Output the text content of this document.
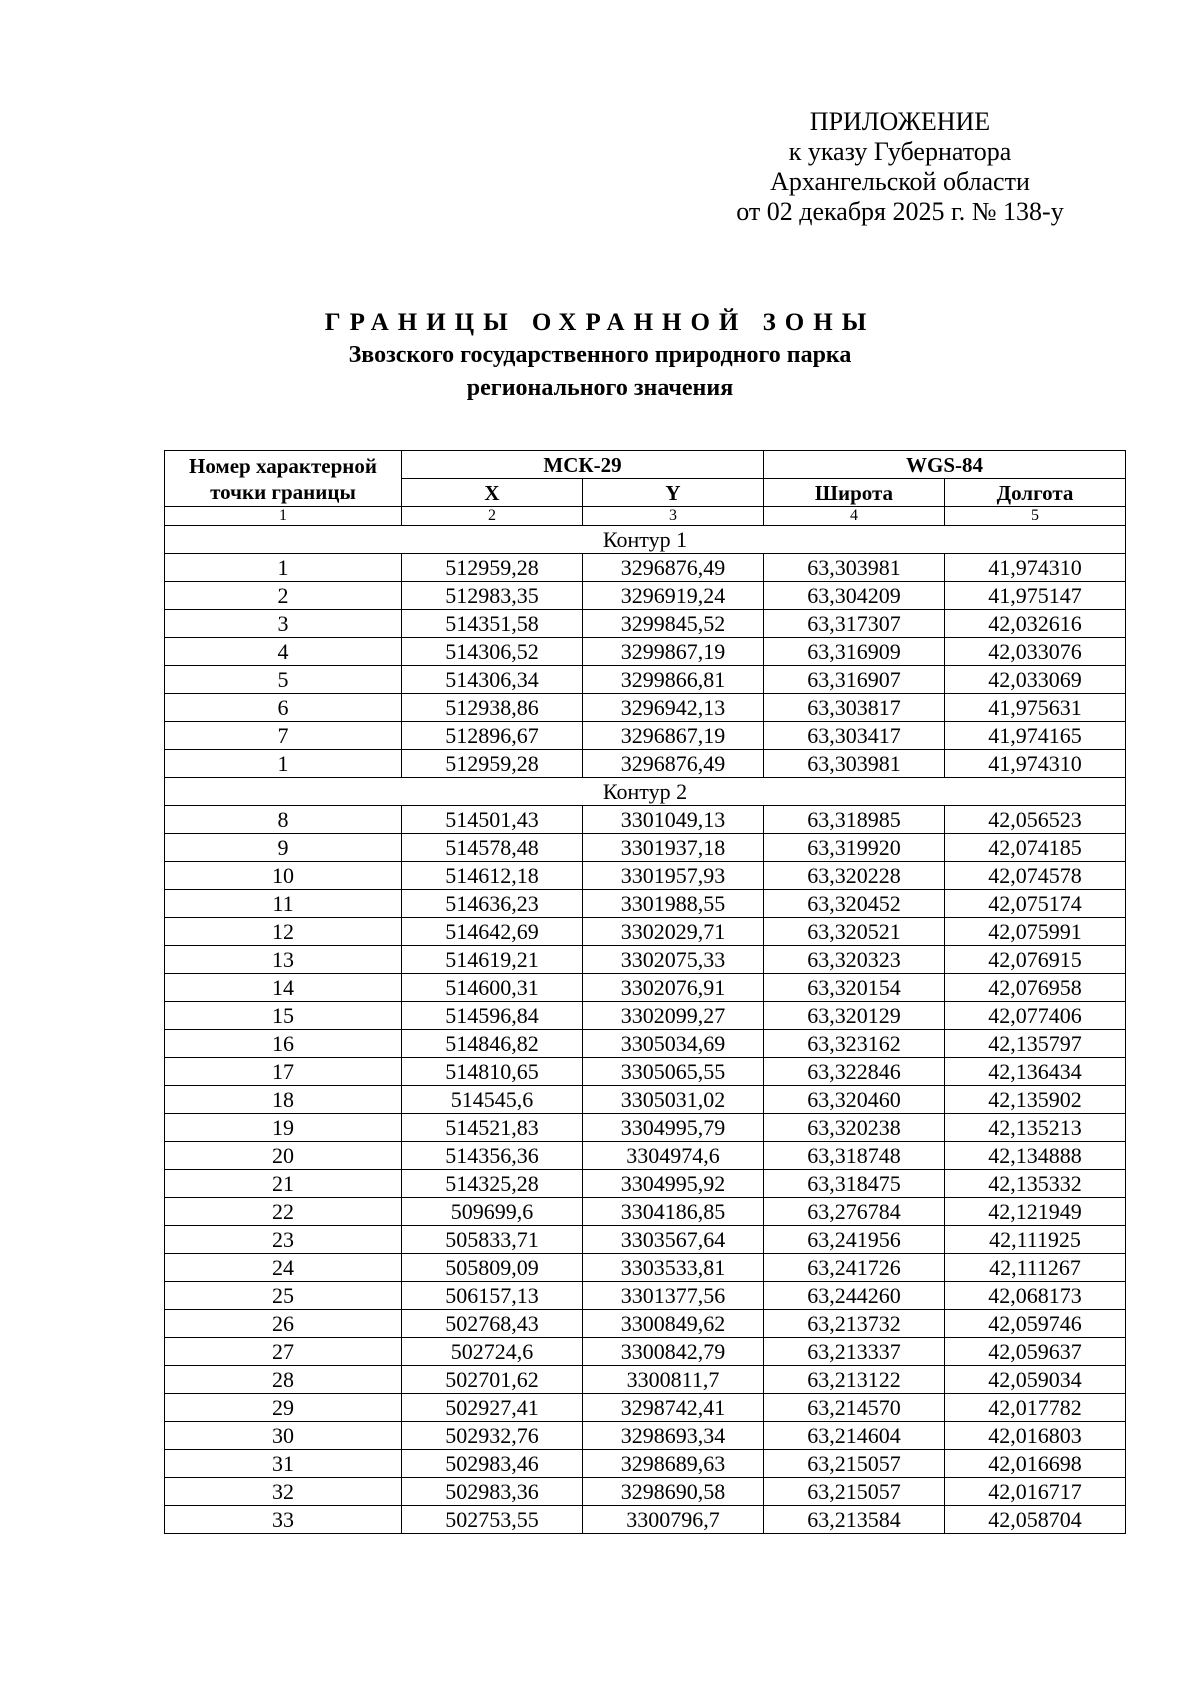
ПРИЛОЖЕНИЕ
к указу Губернатора
Архангельской области
от 02 декабря 2025 г. № 138-у
ГРАНИЦЫ ОХРАННОЙ ЗОНЫ
Звозского государственного природного парка
регионального значения
Номер характерной точки границы	МСК-29		WGS-84	
	X	Y	Широта	Долгота
1	2	3	4	5
Контур 1				
1	512959,28	3296876,49	63,303981	41,974310
2	512983,35	3296919,24	63,304209	41,975147
3	514351,58	3299845,52	63,317307	42,032616
4	514306,52	3299867,19	63,316909	42,033076
5	514306,34	3299866,81	63,316907	42,033069
6	512938,86	3296942,13	63,303817	41,975631
7	512896,67	3296867,19	63,303417	41,974165
1	512959,28	3296876,49	63,303981	41,974310
Контур 2				
8	514501,43	3301049,13	63,318985	42,056523
9	514578,48	3301937,18	63,319920	42,074185
10	514612,18	3301957,93	63,320228	42,074578
11	514636,23	3301988,55	63,320452	42,075174
12	514642,69	3302029,71	63,320521	42,075991
13	514619,21	3302075,33	63,320323	42,076915
14	514600,31	3302076,91	63,320154	42,076958
15	514596,84	3302099,27	63,320129	42,077406
16	514846,82	3305034,69	63,323162	42,135797
17	514810,65	3305065,55	63,322846	42,136434
18	514545,6	3305031,02	63,320460	42,135902
19	514521,83	3304995,79	63,320238	42,135213
20	514356,36	3304974,6	63,318748	42,134888
21	514325,28	3304995,92	63,318475	42,135332
22	509699,6	3304186,85	63,276784	42,121949
23	505833,71	3303567,64	63,241956	42,111925
24	505809,09	3303533,81	63,241726	42,111267
25	506157,13	3301377,56	63,244260	42,068173
26	502768,43	3300849,62	63,213732	42,059746
27	502724,6	3300842,79	63,213337	42,059637
28	502701,62	3300811,7	63,213122	42,059034
29	502927,41	3298742,41	63,214570	42,017782
30	502932,76	3298693,34	63,214604	42,016803
31	502983,46	3298689,63	63,215057	42,016698
32	502983,36	3298690,58	63,215057	42,016717
33	502753,55	3300796,7	63,213584	42,058704
